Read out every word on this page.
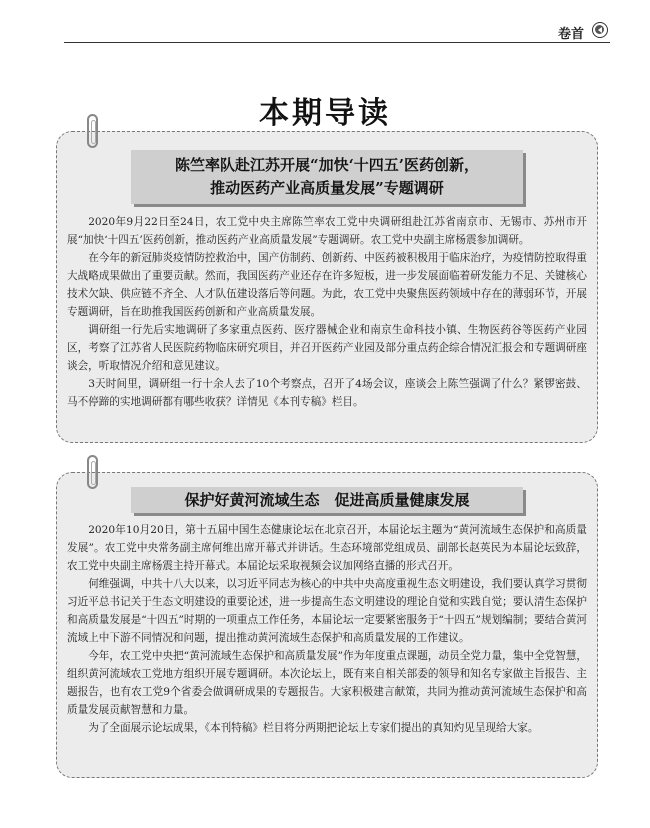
卷首
本期导读
陈竺率队赴江苏开展“加快‘十四五’医药创新，
推动医药产业高质量发展”专题调研

2020年9月22日至24日，农工党中央主席陈竺率农工党中央调研组赴江苏省南京市、无锡市、苏州市开展“加快‘十四五’医药创新，推动医药产业高质量发展”专题调研。农工党中央副主席杨震参加调研。

在今年的新冠肺炎疫情防控救治中，国产仿制药、创新药、中医药被积极用于临床治疗，为疫情防控取得重大战略成果做出了重要贡献。然而，我国医药产业还存在许多短板，进一步发展面临着研发能力不足、关键核心技术欠缺、供应链不齐全、人才队伍建设落后等问题。为此，农工党中央聚焦医药领域中存在的薄弱环节，开展专题调研，旨在助推我国医药创新和产业高质量发展。

调研组一行先后实地调研了多家重点医药、医疗器械企业和南京生命科技小镇、生物医药谷等医药产业园区，考察了江苏省人民医院药物临床研究项目，并召开医药产业园及部分重点药企综合情况汇报会和专题调研座谈会，听取情况介绍和意见建议。

3天时间里，调研组一行十余人去了10个考察点，召开了4场会议，座谈会上陈竺强调了什么？紧锣密鼓、马不停蹄的实地调研都有哪些收获？详情见《本刊专稿》栏目。

保护好黄河流域生态　促进高质量健康发展

2020年10月20日，第十五届中国生态健康论坛在北京召开，本届论坛主题为“黄河流域生态保护和高质量发展”。农工党中央常务副主席何维出席开幕式并讲话。生态环境部党组成员、副部长赵英民为本届论坛致辞，农工党中央副主席杨震主持开幕式。本届论坛采取视频会议加网络直播的形式召开。

何维强调，中共十八大以来，以习近平同志为核心的中共中央高度重视生态文明建设，我们要认真学习贯彻习近平总书记关于生态文明建设的重要论述，进一步提高生态文明建设的理论自觉和实践自觉；要认清生态保护和高质量发展是“十四五”时期的一项重点工作任务，本届论坛一定要紧密服务于“十四五”规划编制；要结合黄河流域上中下游不同情况和问题，提出推动黄河流域生态保护和高质量发展的工作建议。

今年，农工党中央把“黄河流域生态保护和高质量发展”作为年度重点课题，动员全党力量，集中全党智慧，组织黄河流域农工党地方组织开展专题调研。本次论坛上，既有来自相关部委的领导和知名专家做主旨报告、主题报告，也有农工党9个省委会做调研成果的专题报告。大家积极建言献策，共同为推动黄河流域生态保护和高质量发展贡献智慧和力量。

为了全面展示论坛成果，《本刊特稿》栏目将分两期把论坛上专家们提出的真知灼见呈现给大家。
